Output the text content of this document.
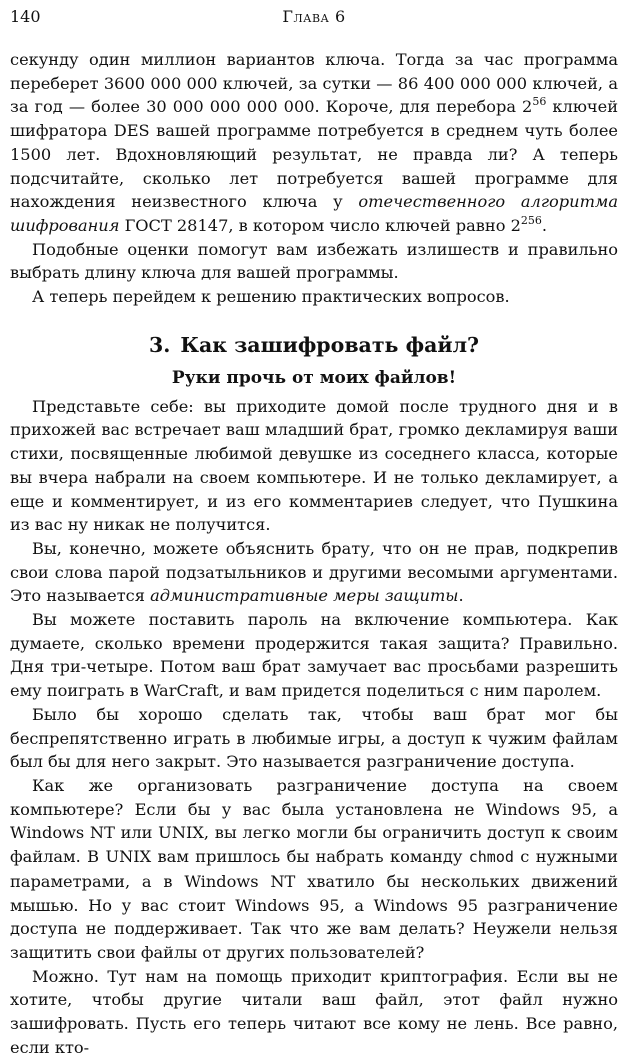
140	Глава 6

секунду один миллион вариантов ключа. Тогда за час программа переберет 3600 000 000 ключей, за сутки — 86 400 000 000 ключей, а за год — более 30 000 000 000 000. Короче, для перебора $2^{56}$ ключей шифратора DES вашей программе потребуется в среднем чуть более 1500 лет. Вдохновляющий результат, не правда ли? А теперь подсчитайте, сколько лет потребуется вашей программе для нахождения неизвестного ключа у отечественного алгоритма шифрования ГОСТ 28147, в котором число ключей равно $2^{256}$.

Подобные оценки помогут вам избежать излишеств и правильно выбрать длину ключа для вашей программы.

А теперь перейдем к решению практических вопросов.

3. Как зашифровать файл?
Руки прочь от моих файлов!

Представьте себе: вы приходите домой после трудного дня и в прихожей вас встречает ваш младший брат, громко декламируя ваши стихи, посвященные любимой девушке из соседнего класса, которые вы вчера набрали на своем компьютере. И не только декламирует, а еще и комментирует, и из его комментариев следует, что Пушкина из вас ну никак не получится.

Вы, конечно, можете объяснить брату, что он не прав, подкрепив свои слова парой подзатыльников и другими весомыми аргументами. Это называется административные меры защиты.

Вы можете поставить пароль на включение компьютера. Как думаете, сколько времени продержится такая защита? Правильно. Дня три-четыре. Потом ваш брат замучает вас просьбами разрешить ему поиграть в WarCraft, и вам придется поделиться с ним паролем.

Было бы хорошо сделать так, чтобы ваш брат мог бы беспрепятственно играть в любимые игры, а доступ к чужим файлам был бы для него закрыт. Это называется разграничение доступа.

Как же организовать разграничение доступа на своем компьютере? Если бы у вас была установлена не Windows 95, а Windows NT или UNIX, вы легко могли бы ограничить доступ к своим файлам. В UNIX вам пришлось бы набрать команду chmod с нужными параметрами, а в Windows NT хватило бы нескольких движений мышью. Но у вас стоит Windows 95, а Windows 95 разграничение доступа не поддерживает. Так что же вам делать? Неужели нельзя защитить свои файлы от других пользователей?

Можно. Тут нам на помощь приходит криптография. Если вы не хотите, чтобы другие читали ваш файл, этот файл нужно зашифровать. Пусть его теперь читают все кому не лень. Все равно, если кто-
